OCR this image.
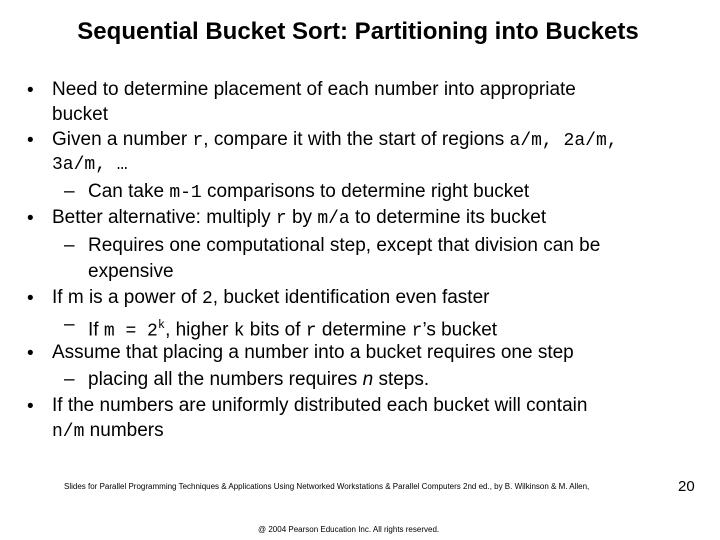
Sequential Bucket Sort: Partitioning into Buckets
• Need to determine placement of each number into appropriate
bucket
• Given a number r, compare it with the start of regions a/m, 2a/m,
3a/m, …
– Can take m-1 comparisons to determine right bucket
• Better alternative: multiply r by m/a to determine its bucket
– Requires one computational step, except that division can be
expensive
• If m is a power of 2, bucket identification even faster
– If $m = 2^k$, higher k bits of r determine r’s bucket
• Assume that placing a number into a bucket requires one step
– placing all the numbers requires n steps.
• If the numbers are uniformly distributed each bucket will contain
n/m numbers
Slides for Parallel Programming Techniques & Applications Using Networked Workstations & Parallel Computers 2nd ed., by B. Wilkinson & M. Allen,
@ 2004 Pearson Education Inc. All rights reserved.
20
